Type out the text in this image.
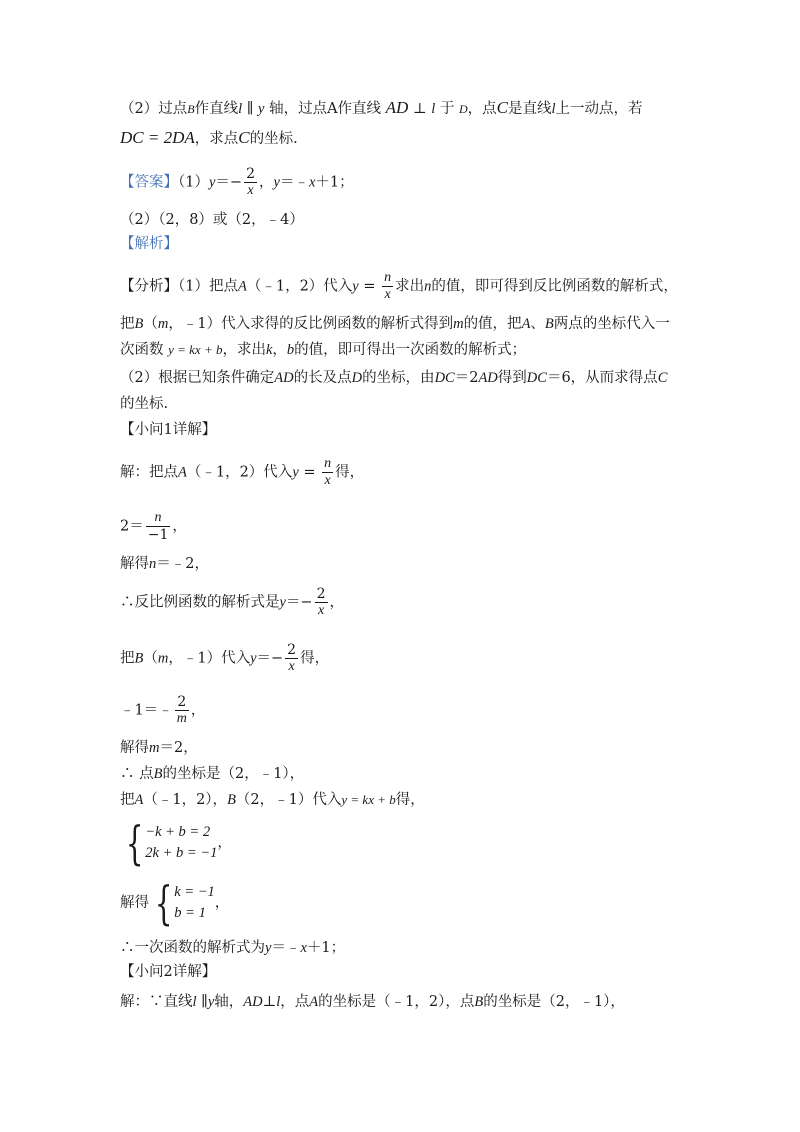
（2）过点B作直线l ∥ y 轴，过点A作直线 AD ⊥ l 于 D，点C是直线l上一动点，若
DC = 2DA，求点C的坐标.
【答案】$(1)y=- \frac{2}{x}$ ，y＝﹣x＋1；
（2）（2，8）或（2，﹣4）
【解析】
【分析】（1）把点A（﹣1，2）代入$y = \frac{n}{x}$ 求出n的值，即可得到反比例函数的解析式，
把B（m，﹣1）代入求得的反比例函数的解析式得到m的值，把A、B两点的坐标代入一
次函数 y = kx + b，求出k，b的值，即可得出一次函数的解析式；
（2）根据已知条件确定AD的长及点D的坐标，由DC＝2AD得到DC＝6，从而求得点C
的坐标.
【小问1详解】
解：把点A（﹣1，2）代入$y = \frac{n}{x}$ 得，
$2= \frac{n}{-1}$ ，
解得n＝﹣2，
∴反比例函数的解析式是$y=- \frac{2}{x}$ ，
把B（m，﹣1）代入$y=- \frac{2}{x}$ 得，
﹣1＝﹣ $\frac{2}{m}$ ，
解得m＝2，
∴ 点B的坐标是（2，﹣1），
把A（﹣1，2），B（2，﹣1）代入y = kx + b得，
{ −k + b = 2
2k + b = −1
，
解得 { k = −1
b = 1
，
∴一次函数的解析式为y＝﹣x＋1；
【小问2详解】
解：∵直线l ∥y轴，AD⊥l，点A的坐标是（﹣1，2），点B的坐标是（2，﹣1），
